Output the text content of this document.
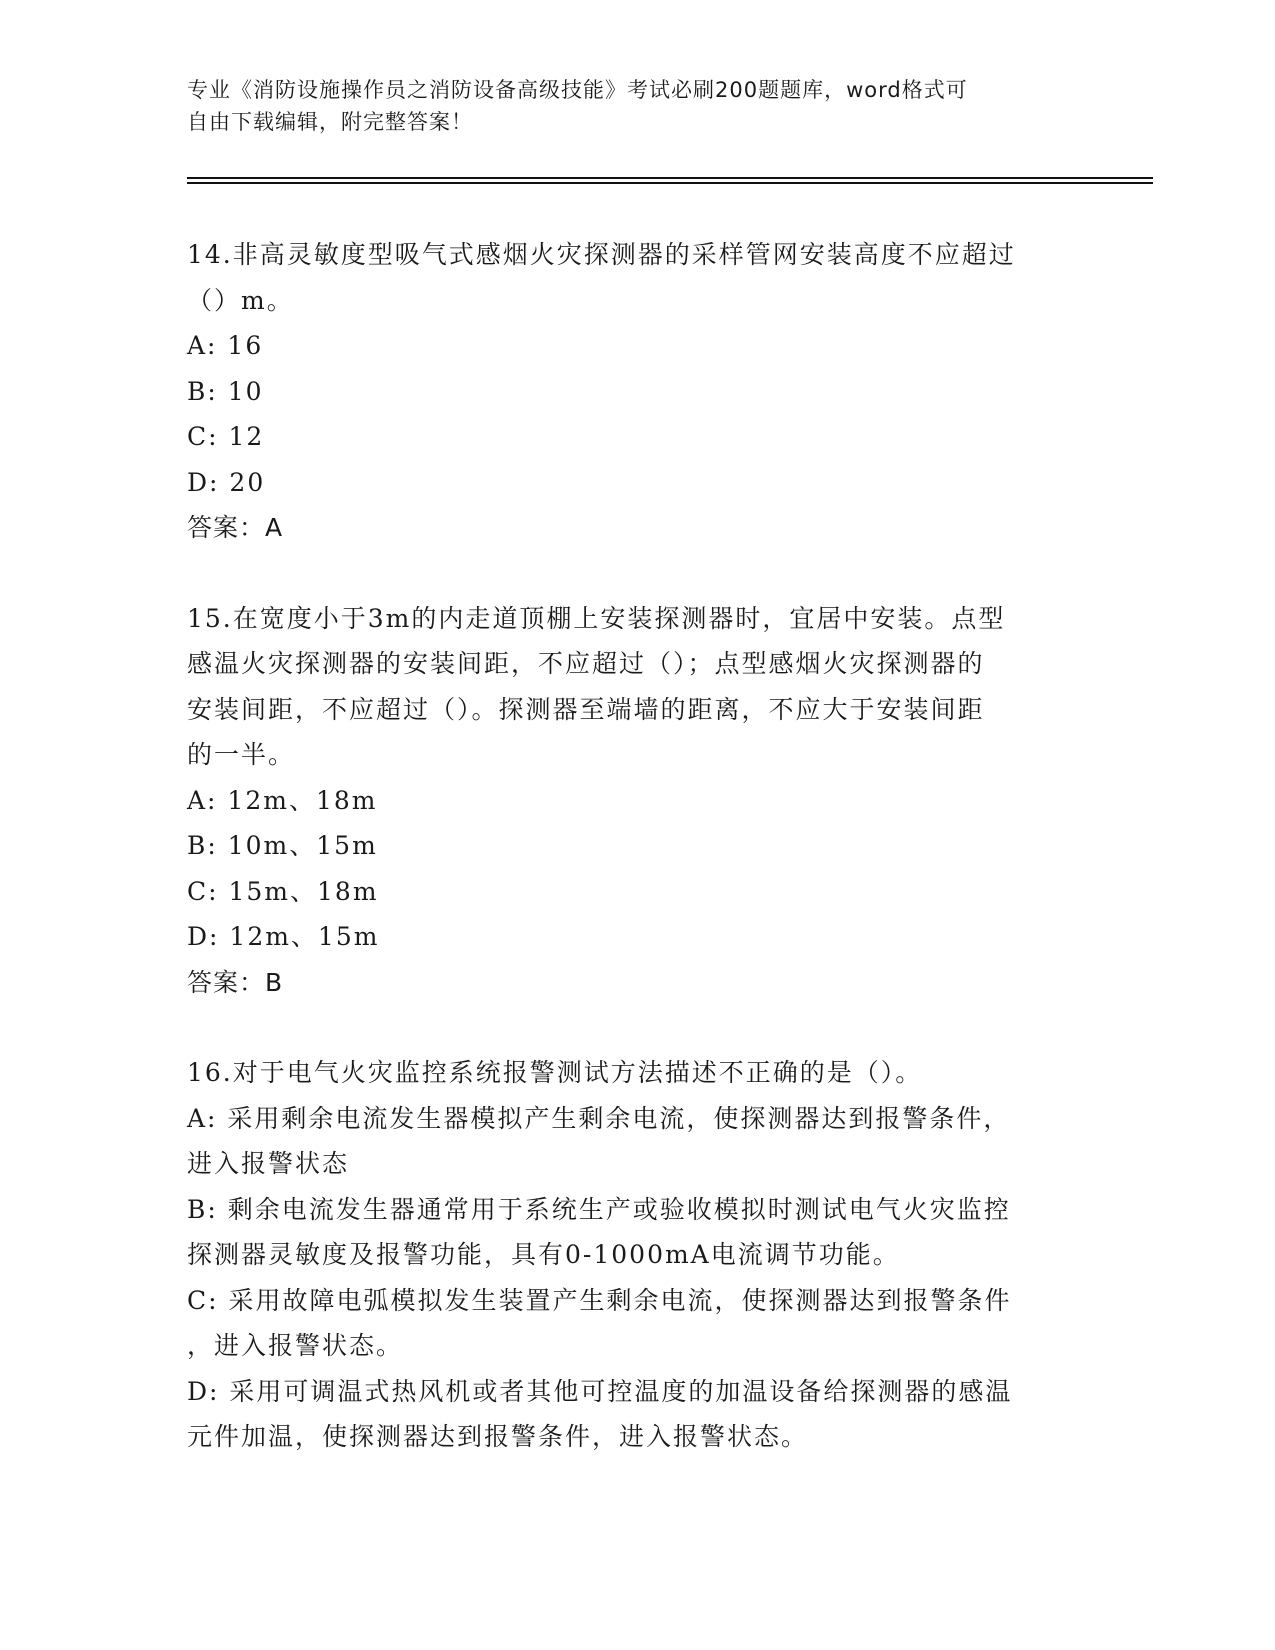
专业《消防设施操作员之消防设备高级技能》考试必刷200题题库，word格式可
自由下载编辑，附完整答案！
14.非高灵敏度型吸气式感烟火灾探测器的采样管网安装高度不应超过
（）m。
A: 16
B: 10
C: 12
D: 20
答案：A
15.在宽度小于3m的内走道顶棚上安装探测器时，宜居中安装。点型
感温火灾探测器的安装间距，不应超过（）；点型感烟火灾探测器的
安装间距，不应超过（）。探测器至端墙的距离，不应大于安装间距
的一半。
A: 12m、18m
B: 10m、15m
C: 15m、18m
D: 12m、15m
答案：B
16.对于电气火灾监控系统报警测试方法描述不正确的是（）。
A: 采用剩余电流发生器模拟产生剩余电流，使探测器达到报警条件，
进入报警状态
B: 剩余电流发生器通常用于系统生产或验收模拟时测试电气火灾监控
探测器灵敏度及报警功能，具有0-1000mA电流调节功能。
C: 采用故障电弧模拟发生装置产生剩余电流，使探测器达到报警条件
，进入报警状态。
D: 采用可调温式热风机或者其他可控温度的加温设备给探测器的感温
元件加温，使探测器达到报警条件，进入报警状态。
